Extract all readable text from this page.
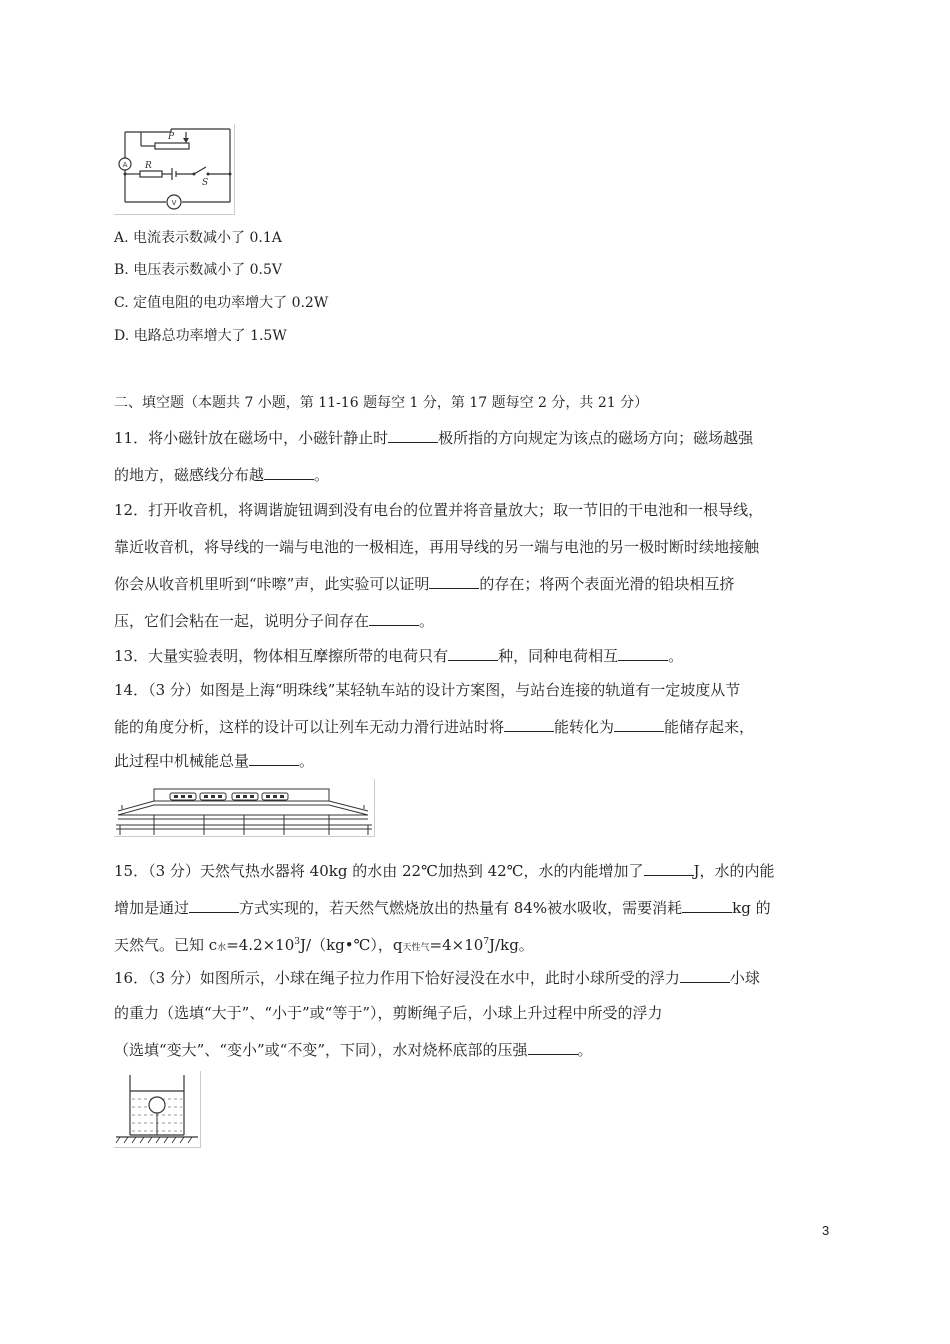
P
R
S
A
V
A. 电流表示数减小了 0.1A
B. 电压表示数减小了 0.5V
C. 定值电阻的电功率增大了 0.2W
D. 电路总功率增大了 1.5W
二、填空题（本题共 7 小题，第 11-16 题每空 1 分，第 17 题每空 2 分，共 21 分）
11．将小磁针放在磁场中，小磁针静止时	极所指的方向规定为该点的磁场方向；磁场越强
的地方，磁感线分布越	。
12．打开收音机，将调谐旋钮调到没有电台的位置并将音量放大；取一节旧的干电池和一根导线，
靠近收音机，将导线的一端与电池的一极相连，再用导线的另一端与电池的另一极时断时续地接触
你会从收音机里听到“咔嚓”声，此实验可以证明	的存在；将两个表面光滑的铅块相互挤
压，它们会粘在一起，说明分子间存在	。
13．大量实验表明，物体相互摩擦所带的电荷只有	种，同种电荷相互	。
14．（3 分）如图是上海“明珠线”某轻轨车站的设计方案图，与站台连接的轨道有一定坡度从节
能的角度分析，这样的设计可以让列车无动力滑行进站时将	能转化为	能储存起来，
此过程中机械能总量	。
15．（3 分）天然气热水器将 40kg 的水由 22℃加热到 42℃，水的内能增加了	J，水的内能
增加是通过	方式实现的，若天然气燃烧放出的热量有 84%被水吸收，需要消耗	kg 的
天然气。已知 c水$=4.2\times 10^3J/(kg•℃)$，q天性气$=4\times 10^7J/kg$。
16．（3 分）如图所示，小球在绳子拉力作用下恰好浸没在水中，此时小球所受的浮力	小球
的重力（选填“大于”、“小于”或“等于”），剪断绳子后，小球上升过程中所受的浮力
（选填“变大”、“变小”或“不变”，下同），水对烧杯底部的压强	。
3
